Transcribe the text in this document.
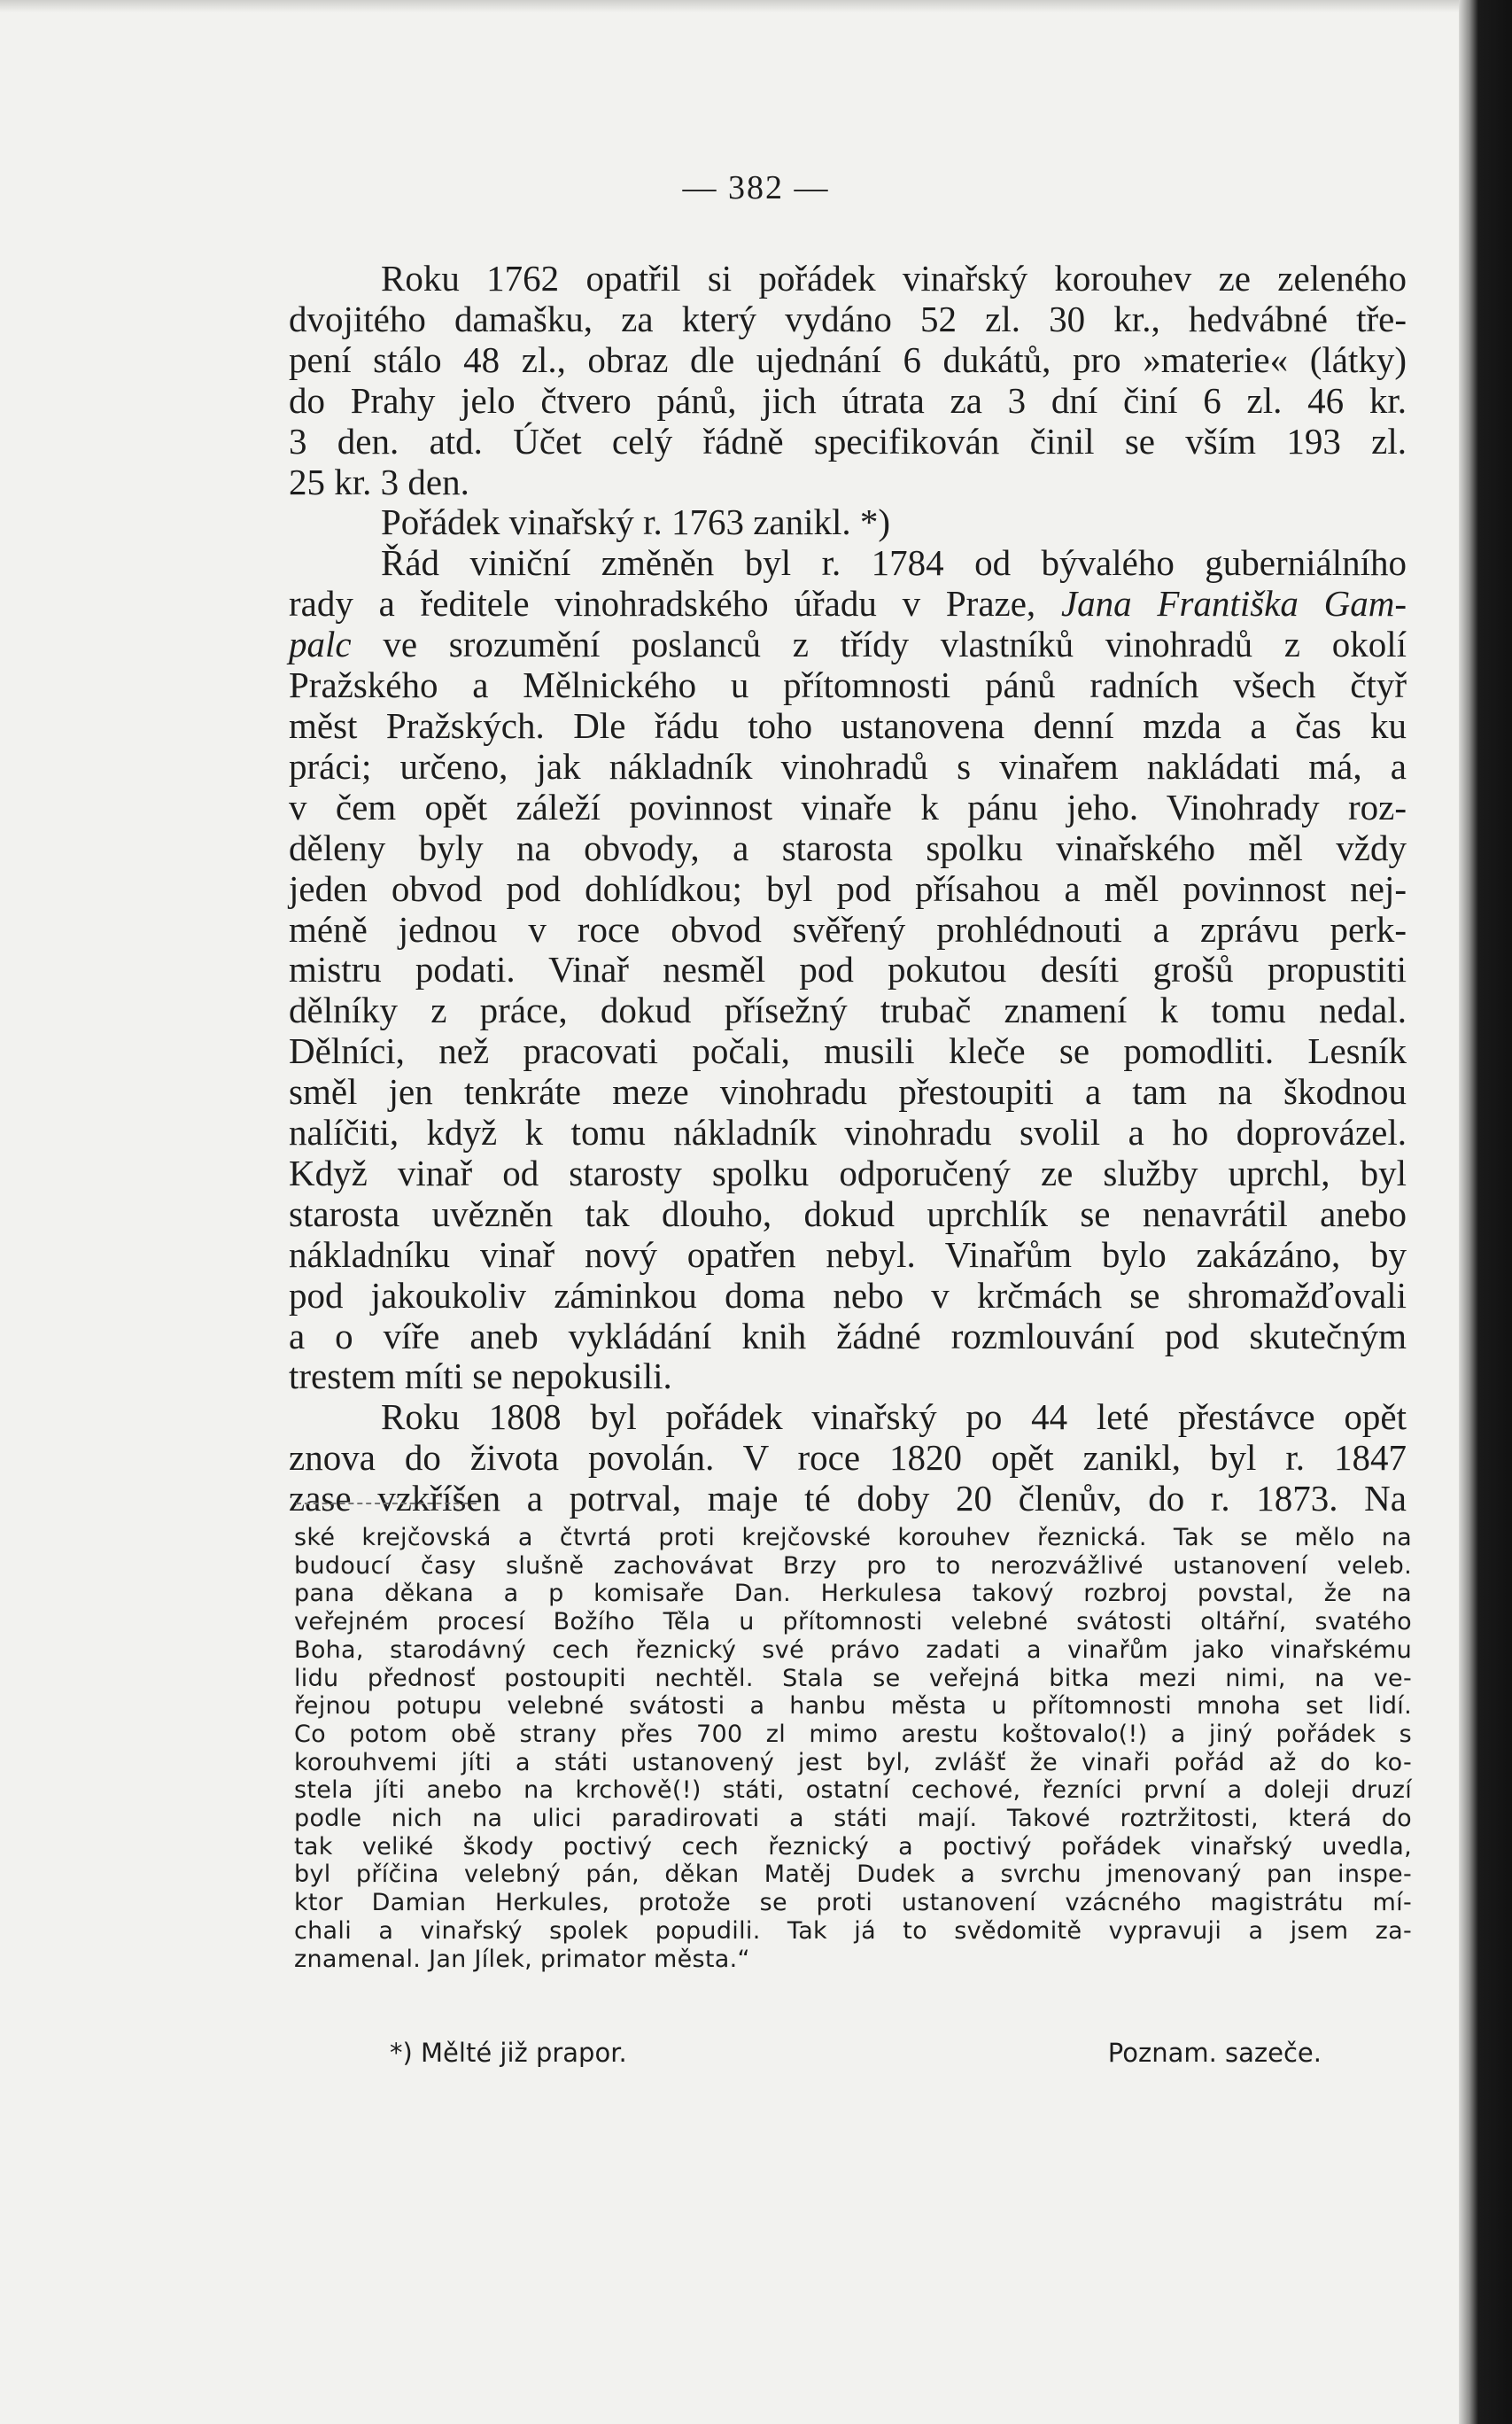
— 382 —
Roku 1762 opatřil si pořádek vinařský korouhev ze zeleného
dvojitého damašku, za který vydáno 52 zl. 30 kr., hedvábné tře-
pení stálo 48 zl., obraz dle ujednání 6 dukátů, pro »materie« (látky)
do Prahy jelo čtvero pánů, jich útrata za 3 dní činí 6 zl. 46 kr.
3 den. atd. Účet celý řádně specifikován činil se vším 193 zl.
25 kr. 3 den.
Pořádek vinařský r. 1763 zanikl. *)
Řád viniční změněn byl r. 1784 od bývalého guberniálního
rady a ředitele vinohradského úřadu v Praze, Jana Františka Gam-
palc ve srozumění poslanců z třídy vlastníků vinohradů z okolí
Pražského a Mělnického u přítomnosti pánů radních všech čtyř
měst Pražských. Dle řádu toho ustanovena denní mzda a čas ku
práci; určeno, jak nákladník vinohradů s vinařem nakládati má, a
v čem opět záleží povinnost vinaře k pánu jeho. Vinohrady roz-
děleny byly na obvody, a starosta spolku vinařského měl vždy
jeden obvod pod dohlídkou; byl pod přísahou a měl povinnost nej-
méně jednou v roce obvod svěřený prohlédnouti a zprávu perk-
mistru podati. Vinař nesměl pod pokutou desíti grošů propustiti
dělníky z práce, dokud přísežný trubač znamení k tomu nedal.
Dělníci, než pracovati počali, musili kleče se pomodliti. Lesník
směl jen tenkráte meze vinohradu přestoupiti a tam na škodnou
nalíčiti, když k tomu nákladník vinohradu svolil a ho doprovázel.
Když vinař od starosty spolku odporučený ze služby uprchl, byl
starosta uvězněn tak dlouho, dokud uprchlík se nenavrátil anebo
nákladníku vinař nový opatřen nebyl. Vinařům bylo zakázáno, by
pod jakoukoliv záminkou doma nebo v krčmách se shromažďovali
a o víře aneb vykládání knih žádné rozmlouvání pod skutečným
trestem míti se nepokusili.
Roku 1808 byl pořádek vinařský po 44 leté přestávce opět
znova do života povolán. V roce 1820 opět zanikl, byl r. 1847
zase vzkříšen a potrval, maje té doby 20 členův, do r. 1873. Na
ské krejčovská a čtvrtá proti krejčovské korouhev řeznická. Tak se mělo na
budoucí časy slušně zachovávat Brzy pro to nerozvážlivé ustanovení veleb.
pana děkana a p komisaře Dan. Herkulesa takový rozbroj povstal, že na
veřejném procesí Božího Těla u přítomnosti velebné svátosti oltářní, svatého
Boha, starodávný cech řeznický své právo zadati a vinařům jako vinařskému
lidu přednosť postoupiti nechtěl. Stala se veřejná bitka mezi nimi, na ve-
řejnou potupu velebné svátosti a hanbu města u přítomnosti mnoha set lidí.
Co potom obě strany přes 700 zl mimo arestu koštovalo(!) a jiný pořádek s
korouhvemi jíti a státi ustanovený jest byl, zvlášť že vinaři pořád až do ko-
stela jíti anebo na krchově(!) státi, ostatní cechové, řezníci první a doleji druzí
podle nich na ulici paradirovati a státi mají. Takové roztržitosti, která do
tak veliké škody poctivý cech řeznický a poctivý pořádek vinařský uvedla,
byl příčina velebný pán, děkan Matěj Dudek a svrchu jmenovaný pan inspe-
ktor Damian Herkules, protože se proti ustanovení vzácného magistrátu mí-
chali a vinařský spolek popudili. Tak já to svědomitě vypravuji a jsem za-
znamenal. Jan Jílek, primator města.“
*) Mělté již prapor.	Poznam. sazeče.
